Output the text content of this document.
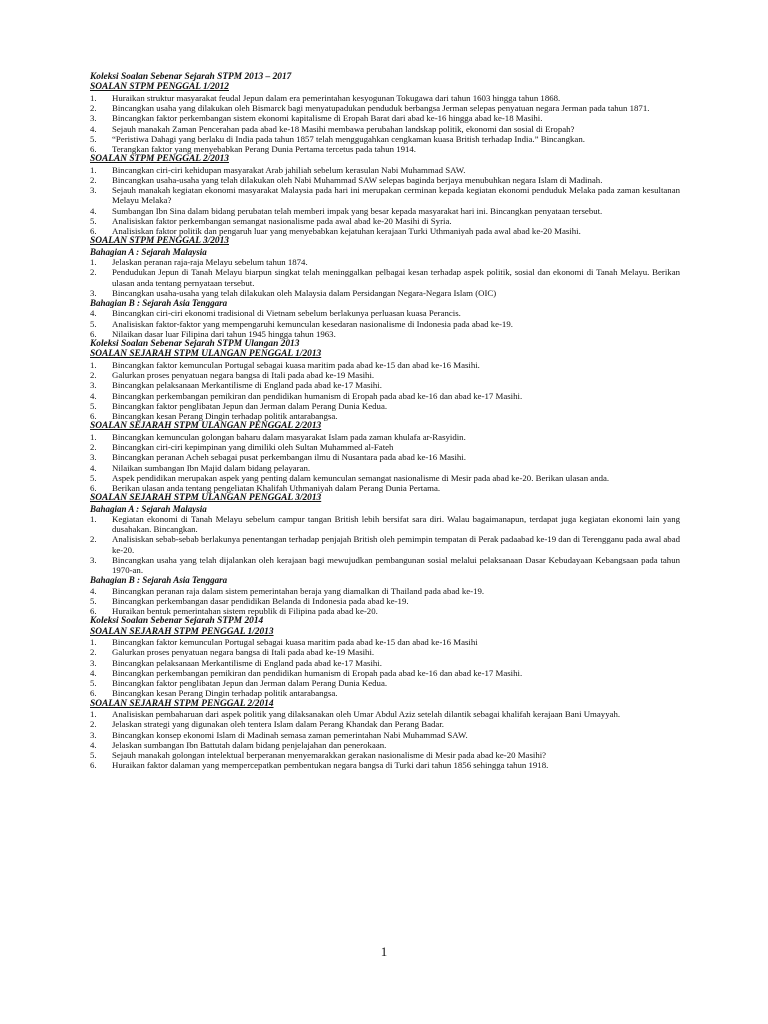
Koleksi Soalan Sebenar Sejarah STPM 2013 – 2017

SOALAN STPM PENGGAL 1/2012

1.	Huraikan struktur masyarakat feudal Jepun dalam era pemerintahan kesyogunan Tokugawa dari tahun 1603 hingga tahun 1868.
2.	Bincangkan usaha yang dilakukan oleh Bismarck bagi menyatupadukan penduduk berbangsa Jerman selepas penyatuan negara Jerman pada tahun 1871.
3.	Bincangkan faktor perkembangan sistem ekonomi kapitalisme di Eropah Barat dari abad ke-16 hingga abad ke-18 Masihi.
4.	Sejauh manakah Zaman Pencerahan pada abad ke-18 Masihi membawa perubahan landskap politik, ekonomi dan sosial di Eropah?
5.	“Peristiwa Dahagi yang berlaku di India pada tahun 1857 telah menggugahkan cengkaman kuasa British terhadap India.” Bincangkan.
6.	Terangkan faktor yang menyebabkan Perang Dunia Pertama tercetus pada tahun 1914.

SOALAN STPM PENGGAL 2/2013

1.	Bincangkan ciri-ciri kehidupan masyarakat Arab jahiliah sebelum kerasulan Nabi Muhammad SAW.
2.	Bincangkan usaha-usaha yang telah dilakukan oleh Nabi Muhammad SAW selepas baginda berjaya menubuhkan negara Islam di Madinah.
3.	Sejauh manakah kegiatan ekonomi masyarakat Malaysia pada hari ini merupakan cerminan kepada kegiatan ekonomi penduduk Melaka pada zaman kesultanan Melayu Melaka?
4.	Sumbangan Ibn Sina dalam bidang perubatan telah memberi impak yang besar kepada masyarakat hari ini. Bincangkan penyataan tersebut.
5.	Analisiskan faktor perkembangan semangat nasionalisme pada awal abad ke-20 Masihi di Syria.
6.	Analisiskan faktor politik dan pengaruh luar yang menyebabkan kejatuhan kerajaan Turki Uthmaniyah pada awal abad ke-20 Masihi.

SOALAN STPM PENGGAL 3/2013

Bahagian A : Sejarah Malaysia

1.	Jelaskan peranan raja-raja Melayu sebelum tahun 1874.
2.	Pendudukan Jepun di Tanah Melayu biarpun singkat telah meninggalkan pelbagai kesan terhadap aspek politik, sosial dan ekonomi di Tanah Melayu. Berikan ulasan anda tentang pernyataan tersebut.
3.	Bincangkan usaha-usaha yang telah dilakukan oleh Malaysia dalam Persidangan Negara-Negara Islam (OIC)

Bahagian B : Sejarah Asia Tenggara

4.	Bincangkan ciri-ciri ekonomi tradisional di Vietnam sebelum berlakunya perluasan kuasa Perancis.
5.	Analisiskan faktor-faktor yang mempengaruhi kemunculan kesedaran nasionalisme di Indonesia pada abad ke-19.
6.	Nilaikan dasar luar Filipina dari tahun 1945 hingga tahun 1963.

Koleksi Soalan Sebenar Sejarah STPM Ulangan 2013

SOALAN SEJARAH STPM ULANGAN PENGGAL 1/2013

1.	Bincangkan faktor kemunculan Portugal sebagai kuasa maritim pada abad ke-15 dan abad ke-16 Masihi.
2.	Galurkan proses penyatuan negara bangsa di Itali pada abad ke-19 Masihi.
3.	Bincangkan pelaksanaan Merkantilisme di England pada abad ke-17 Masihi.
4.	Bincangkan perkembangan pemikiran dan pendidikan humanism di Eropah pada abad ke-16 dan abad ke-17 Masihi.
5.	Bincangkan faktor penglibatan Jepun dan Jerman dalam Perang Dunia Kedua.
6.	Bincangkan kesan Perang Dingin terhadap politik antarabangsa.

SOALAN SEJARAH STPM ULANGAN PENGGAL 2/2013

1.	Bincangkan kemunculan golongan baharu dalam masyarakat Islam pada zaman khulafa ar-Rasyidin.
2.	Bincangkan ciri-ciri kepimpinan yang dimiliki oleh Sultan Muhammed al-Fateh
3.	Bincangkan peranan Acheh sebagai pusat perkembangan ilmu di Nusantara pada abad ke-16 Masihi.
4.	Nilaikan sumbangan Ibn Majid dalam bidang pelayaran.
5.	Aspek pendidikan merupakan aspek yang penting dalam kemunculan semangat nasionalisme di Mesir pada abad ke-20. Berikan ulasan anda.
6.	Berikan ulasan anda tentang pengeliatan Khalifah Uthmaniyah dalam Perang Dunia Pertama.

SOALAN SEJARAH STPM ULANGAN PENGGAL 3/2013

Bahagian A : Sejarah Malaysia

1.	Kegiatan ekonomi di Tanah Melayu sebelum campur tangan British lebih bersifat sara diri. Walau bagaimanapun, terdapat juga kegiatan ekonomi lain yang dusahakan. Bincangkan.
2.	Analisiskan sebab-sebab berlakunya penentangan terhadap penjajah British oleh pemimpin tempatan di Perak padaabad ke-19 dan di Terengganu pada awal abad ke-20.
3.	Bincangkan usaha yang telah dijalankan oleh kerajaan bagi mewujudkan pembangunan sosial melalui pelaksanaan Dasar Kebudayaan Kebangsaan pada tahun 1970-an.

Bahagian B : Sejarah Asia Tenggara

4.	Bincangkan peranan raja dalam sistem pemerintahan beraja yang diamalkan di Thailand pada abad ke-19.
5.	Bincangkan perkembangan dasar pendidikan Belanda di Indonesia pada abad ke-19.
6.	Huraikan bentuk pemerintahan sistem republik di Filipina pada abad ke-20.

Koleksi Soalan Sebenar Sejarah STPM 2014

SOALAN SEJARAH STPM PENGGAL 1/2013

1.	Bincangkan faktor kemunculan Portugal sebagai kuasa maritim pada abad ke-15 dan abad ke-16 Masihi
2.	Galurkan proses penyatuan negara bangsa di Itali pada abad ke-19 Masihi.
3.	Bincangkan pelaksanaan Merkantilisme di England pada abad ke-17 Masihi.
4.	Bincangkan perkembangan pemikiran dan pendidikan humanism di Eropah pada abad ke-16 dan abad ke-17 Masihi.
5.	Bincangkan faktor penglibatan Jepun dan Jerman dalam Perang Dunia Kedua.
6.	Bincangkan kesan Perang Dingin terhadap politik antarabangsa.

SOALAN SEJARAH STPM PENGGAL 2/2014

1.	Analisiskan pembaharuan dari aspek politik yang dilaksanakan oleh Umar Abdul Aziz setelah dilantik sebagai khalifah kerajaan Bani Umayyah.
2.	Jelaskan strategi yang digunakan oleh tentera Islam dalam Perang Khandak dan Perang Badar.
3.	Bincangkan konsep ekonomi Islam di Madinah semasa zaman pemerintahan Nabi Muhammad SAW.
4.	Jelaskan sumbangan Ibn Battutah dalam bidang penjelajahan dan penerokaan.
5.	Sejauh manakah golongan intelektual berperanan menyemarakkan gerakan nasionalisme di Mesir pada abad ke-20 Masihi?
6.	Huraikan faktor dalaman yang mempercepatkan pembentukan negara bangsa di Turki dari tahun 1856 sehingga tahun 1918.
1
